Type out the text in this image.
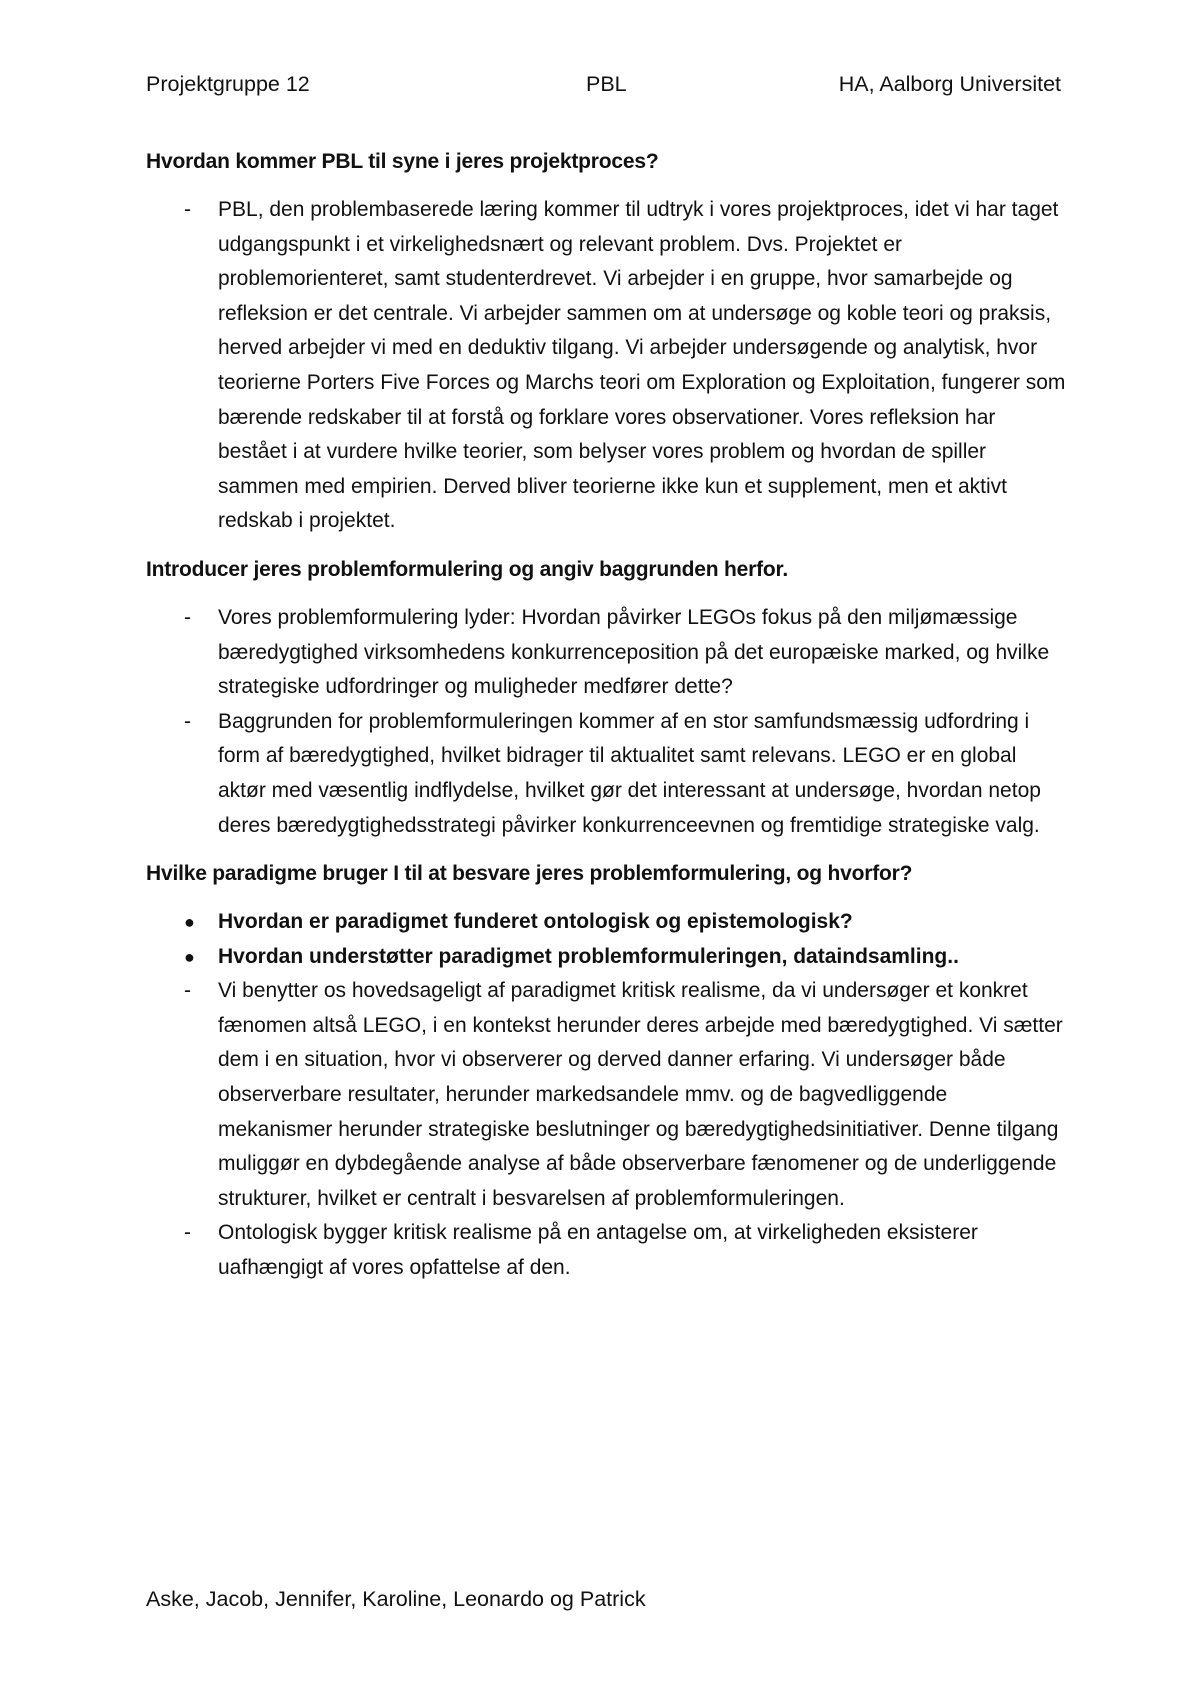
Projektgruppe 12	PBL	HA, Aalborg Universitet
Hvordan kommer PBL til syne i jeres projektproces?
- PBL, den problembaserede læring kommer til udtryk i vores projektproces, idet vi har taget udgangspunkt i et virkelighedsnært og relevant problem. Dvs. Projektet er problemorienteret, samt studenterdrevet. Vi arbejder i en gruppe, hvor samarbejde og refleksion er det centrale. Vi arbejder sammen om at undersøge og koble teori og praksis, herved arbejder vi med en deduktiv tilgang. Vi arbejder undersøgende og analytisk, hvor teorierne Porters Five Forces og Marchs teori om Exploration og Exploitation, fungerer som bærende redskaber til at forstå og forklare vores observationer. Vores refleksion har bestået i at vurdere hvilke teorier, som belyser vores problem og hvordan de spiller sammen med empirien. Derved bliver teorierne ikke kun et supplement, men et aktivt redskab i projektet.
Introducer jeres problemformulering og angiv baggrunden herfor.
- Vores problemformulering lyder: Hvordan påvirker LEGOs fokus på den miljømæssige bæredygtighed virksomhedens konkurrenceposition på det europæiske marked, og hvilke strategiske udfordringer og muligheder medfører dette?
- Baggrunden for problemformuleringen kommer af en stor samfundsmæssig udfordring i form af bæredygtighed, hvilket bidrager til aktualitet samt relevans. LEGO er en global aktør med væsentlig indflydelse, hvilket gør det interessant at undersøge, hvordan netop deres bæredygtighedsstrategi påvirker konkurrenceevnen og fremtidige strategiske valg.
Hvilke paradigme bruger I til at besvare jeres problemformulering, og hvorfor?
● Hvordan er paradigmet funderet ontologisk og epistemologisk?
● Hvordan understøtter paradigmet problemformuleringen, dataindsamling..
- Vi benytter os hovedsageligt af paradigmet kritisk realisme, da vi undersøger et konkret fænomen altså LEGO, i en kontekst herunder deres arbejde med bæredygtighed. Vi sætter dem i en situation, hvor vi observerer og derved danner erfaring. Vi undersøger både observerbare resultater, herunder markedsandele mmv. og de bagvedliggende mekanismer herunder strategiske beslutninger og bæredygtighedsinitiativer. Denne tilgang muliggør en dybdegående analyse af både observerbare fænomener og de underliggende strukturer, hvilket er centralt i besvarelsen af problemformuleringen.
- Ontologisk bygger kritisk realisme på en antagelse om, at virkeligheden eksisterer uafhængigt af vores opfattelse af den.
Aske, Jacob, Jennifer, Karoline, Leonardo og Patrick
